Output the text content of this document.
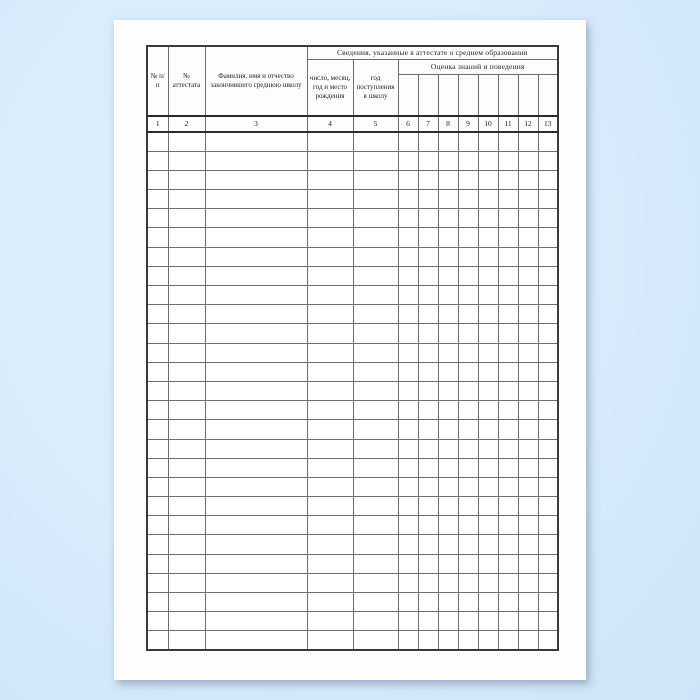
№ п/п	№ аттестата	Фамилия, имя и отчество закончившего среднюю школу	Сведения, указанные в аттестате о среднем образовании									
			число, месяц, год и место рождения	год поступления в школу	Оценка знаний и поведения							

1	2	3	4	5	6	7	8	9	10	11	12	13
